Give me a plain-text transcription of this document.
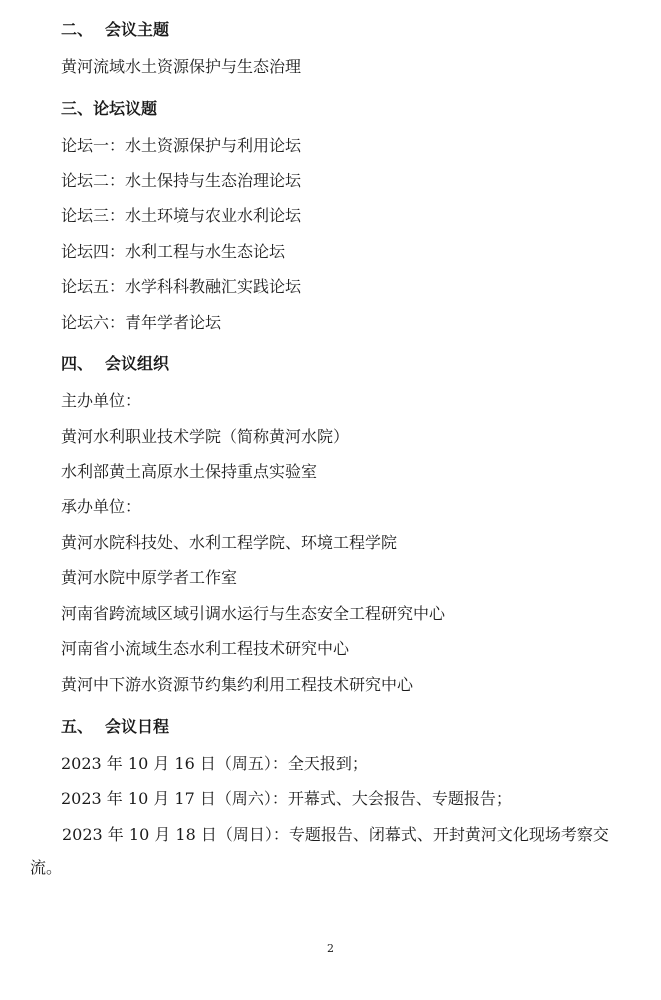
二、 会议主题
黄河流域水土资源保护与生态治理
三、论坛议题
论坛一：水土资源保护与利用论坛
论坛二：水土保持与生态治理论坛
论坛三：水土环境与农业水利论坛
论坛四：水利工程与水生态论坛
论坛五：水学科科教融汇实践论坛
论坛六：青年学者论坛
四、 会议组织
主办单位：
黄河水利职业技术学院（简称黄河水院）
水利部黄土高原水土保持重点实验室
承办单位：
黄河水院科技处、水利工程学院、环境工程学院
黄河水院中原学者工作室
河南省跨流域区域引调水运行与生态安全工程研究中心
河南省小流域生态水利工程技术研究中心
黄河中下游水资源节约集约利用工程技术研究中心
五、 会议日程
2023 年 10 月 16 日（周五）：全天报到；
2023 年 10 月 17 日（周六）：开幕式、大会报告、专题报告；
2023 年 10 月 18 日（周日）：专题报告、闭幕式、开封黄河文化现场考察交流。
2
